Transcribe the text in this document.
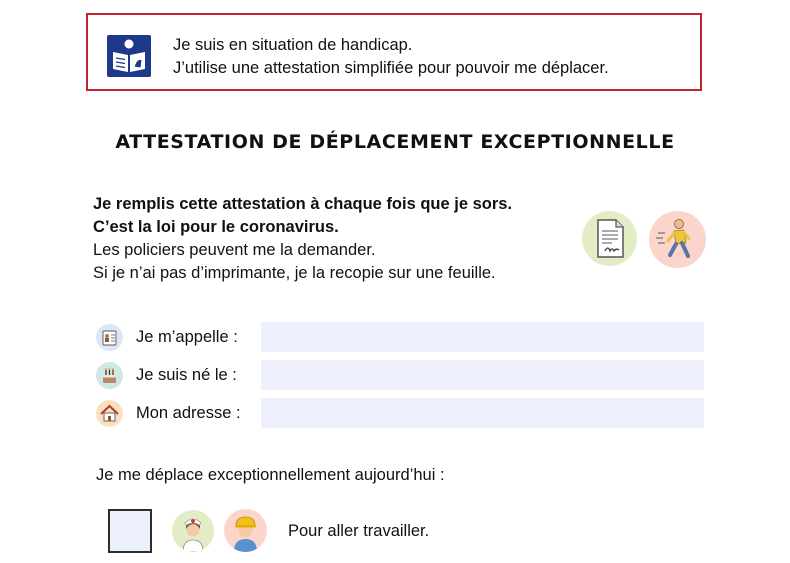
Je suis en situation de handicap.
J’utilise une attestation simplifiée pour pouvoir me déplacer.
ATTESTATION DE DÉPLACEMENT EXCEPTIONNELLE
Je remplis cette attestation à chaque fois que je sors.
C’est la loi pour le coronavirus.
Les policiers peuvent me la demander.
Si je n’ai pas d’imprimante, je la recopie sur une feuille.
Je m’appelle :
Je suis né le :
Mon adresse :
Je me déplace exceptionnellement aujourd’hui :
Pour aller travailler.
